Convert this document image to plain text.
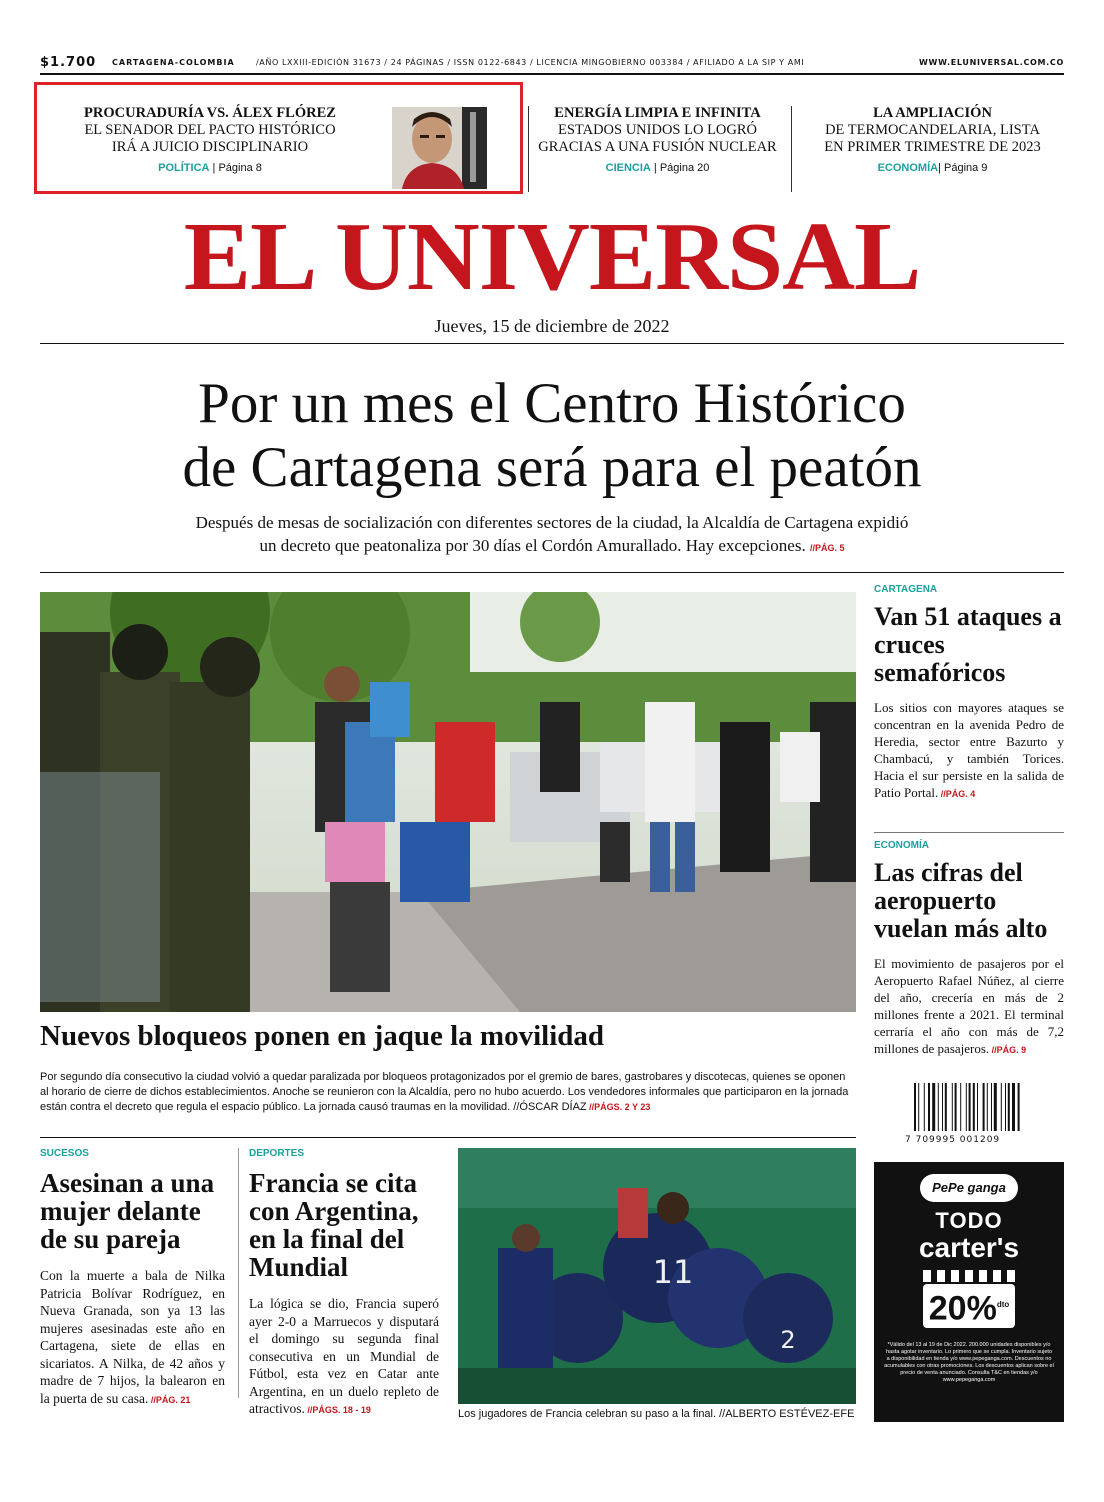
$1.700 CARTAGENA-COLOMBIA	/AÑO LXXIII-EDICIÓN 31673 / 24 PÁGINAS / ISSN 0122-6843 / LICENCIA MINGOBIERNO 003384 / AFILIADO A LA SIP Y AMI	WWW.ELUNIVERSAL.COM.CO
PROCURADURÍA VS. ÁLEX FLÓREZ
EL SENADOR DEL PACTO HISTÓRICO
IRÁ A JUICIO DISCIPLINARIO
POLÍTICA | Página 8
ENERGÍA LIMPIA E INFINITA
ESTADOS UNIDOS LO LOGRÓ
GRACIAS A UNA FUSIÓN NUCLEAR
CIENCIA | Página 20
LA AMPLIACIÓN
DE TERMOCANDELARIA, LISTA
EN PRIMER TRIMESTRE DE 2023
ECONOMÍA| Página 9
EL UNIVERSAL
Jueves, 15 de diciembre de 2022
Por un mes el Centro Histórico
de Cartagena será para el peatón
Después de mesas de socialización con diferentes sectores de la ciudad, la Alcaldía de Cartagena expidió
un decreto que peatonaliza por 30 días el Cordón Amurallado. Hay excepciones. //PÁG. 5
Nuevos bloqueos ponen en jaque la movilidad
Por segundo día consecutivo la ciudad volvió a quedar paralizada por bloqueos protagonizados por el gremio de bares, gastrobares y discotecas, quienes se oponen al horario de cierre de dichos establecimientos. Anoche se reunieron con la Alcaldía, pero no hubo acuerdo. Los vendedores informales que participaron en la jornada están contra el decreto que regula el espacio público. La jornada causó traumas en la movilidad. //ÓSCAR DÍAZ //PÁGS. 2 Y 23
CARTAGENA
Van 51 ataques a cruces semafóricos
Los sitios con mayores ataques se concentran en la avenida Pedro de Heredia, sector entre Bazurto y Chambacú, y también Torices. Hacia el sur persiste en la salida de Patio Portal. //PÁG. 4
ECONOMÍA
Las cifras del aeropuerto vuelan más alto
El movimiento de pasajeros por el Aeropuerto Rafael Núñez, al cierre del año, crecería en más de 2 millones frente a 2021. El terminal cerraría el año con más de 7,2 millones de pasajeros. //PÁG. 9
7 709995 001209
SUCESOS
Asesinan a una mujer delante de su pareja
Con la muerte a bala de Nilka Patricia Bolívar Rodríguez, en Nueva Granada, son ya 13 las mujeres asesinadas este año en Cartagena, siete de ellas en sicariatos. A Nilka, de 42 años y madre de 7 hijos, la balearon en la puerta de su casa. //PÁG. 21
DEPORTES
Francia se cita con Argentina, en la final del Mundial
La lógica se dio, Francia superó ayer 2-0 a Marruecos y disputará el domingo su segunda final consecutiva en un Mundial de Fútbol, esta vez en Catar ante Argentina, en un duelo repleto de atractivos. //PÁGS. 18 - 19
11
2
Los jugadores de Francia celebran su paso a la final. //ALBERTO ESTÉVEZ-EFE
PePe ganga
TODO
carter's
20%$^{dto}$
*Válido del 13 al 19 de Dic 2022. 200.000 unidades disponibles y/o hasta agotar inventario. Lo primero que se cumpla. Inventario sujeto a disponibilidad en tienda y/o www.pepeganga.com. Descuentos no acumulables con otras promociones. Los descuentos aplican sobre el precio de venta anunciado. Consulta T&C en tiendas y/o www.pepeganga.com
